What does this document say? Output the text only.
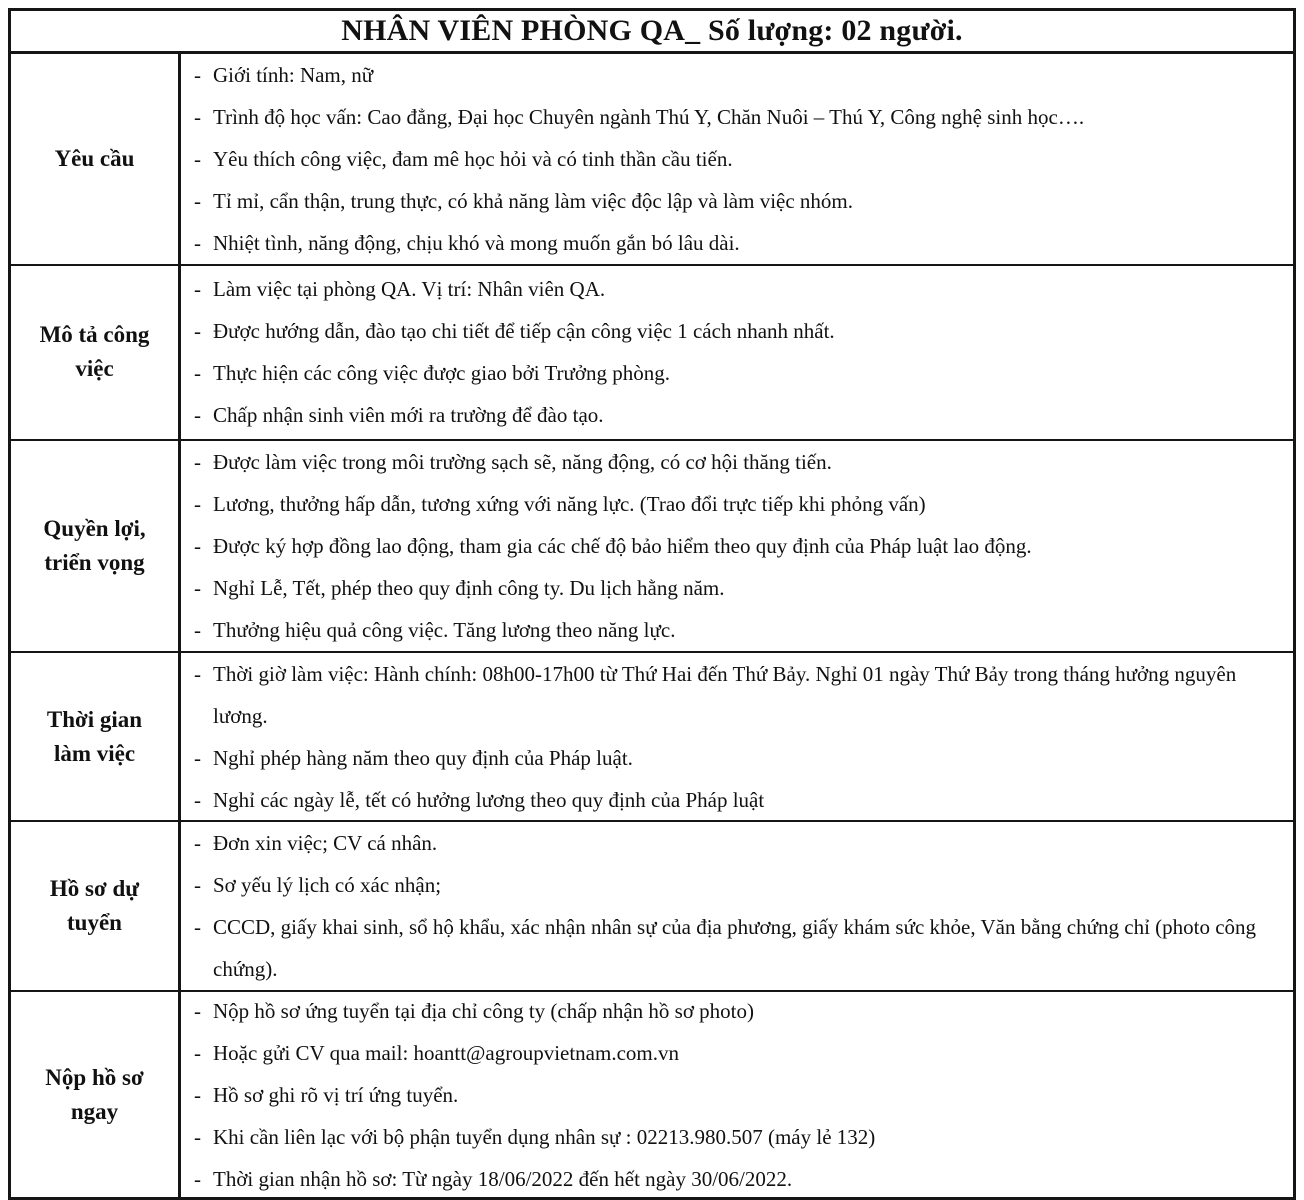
NHÂN VIÊN PHÒNG QA_ Số lượng: 02 người.
Yêu cầu
- Giới tính: Nam, nữ
- Trình độ học vấn: Cao đẳng, Đại học Chuyên ngành Thú Y, Chăn Nuôi – Thú Y, Công nghệ sinh học….
- Yêu thích công việc, đam mê học hỏi và có tinh thần cầu tiến.
- Tỉ mỉ, cẩn thận, trung thực, có khả năng làm việc độc lập và làm việc nhóm.
- Nhiệt tình, năng động, chịu khó và mong muốn gắn bó lâu dài.
Mô tả công việc
- Làm việc tại phòng QA. Vị trí: Nhân viên QA.
- Được hướng dẫn, đào tạo chi tiết để tiếp cận công việc 1 cách nhanh nhất.
- Thực hiện các công việc được giao bởi Trưởng phòng.
- Chấp nhận sinh viên mới ra trường để đào tạo.
Quyền lợi, triển vọng
- Được làm việc trong môi trường sạch sẽ, năng động, có cơ hội thăng tiến.
- Lương, thưởng hấp dẫn, tương xứng với năng lực. (Trao đổi trực tiếp khi phỏng vấn)
- Được ký hợp đồng lao động, tham gia các chế độ bảo hiểm theo quy định của Pháp luật lao động.
- Nghỉ Lễ, Tết, phép theo quy định công ty. Du lịch hằng năm.
- Thưởng hiệu quả công việc. Tăng lương theo năng lực.
Thời gian làm việc
- Thời giờ làm việc: Hành chính: 08h00-17h00 từ Thứ Hai đến Thứ Bảy. Nghỉ 01 ngày Thứ Bảy trong tháng hưởng nguyên lương.
- Nghỉ phép hàng năm theo quy định của Pháp luật.
- Nghỉ các ngày lễ, tết có hưởng lương theo quy định của Pháp luật
Hồ sơ dự tuyển
- Đơn xin việc; CV cá nhân.
- Sơ yếu lý lịch có xác nhận;
- CCCD, giấy khai sinh, sổ hộ khẩu, xác nhận nhân sự của địa phương, giấy khám sức khỏe, Văn bằng chứng chỉ (photo công chứng).
Nộp hồ sơ ngay
- Nộp hồ sơ ứng tuyển tại địa chỉ công ty (chấp nhận hồ sơ photo)
- Hoặc gửi CV qua mail: hoantt@agroupvietnam.com.vn
- Hồ sơ ghi rõ vị trí ứng tuyển.
- Khi cần liên lạc với bộ phận tuyển dụng nhân sự : 02213.980.507 (máy lẻ 132)
- Thời gian nhận hồ sơ: Từ ngày 18/06/2022 đến hết ngày 30/06/2022.
